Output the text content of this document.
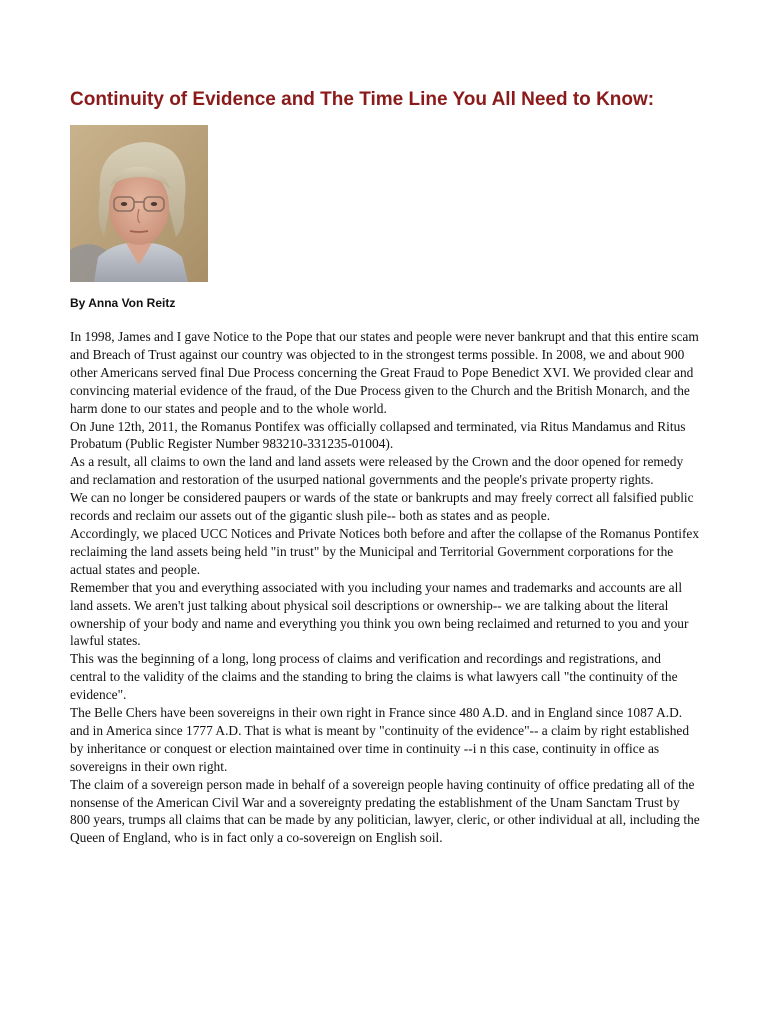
Continuity of Evidence and The Time Line You All Need to Know:
By Anna Von Reitz

In 1998, James and I gave Notice to the Pope that our states and people were never bankrupt and that this entire scam and Breach of Trust against our country was objected to in the strongest terms possible. In 2008, we and about 900 other Americans served final Due Process concerning the Great Fraud to Pope Benedict XVI. We provided clear and convincing material evidence of the fraud, of the Due Process given to the Church and the British Monarch, and the harm done to our states and people and to the whole world.

On June 12th, 2011, the Romanus Pontifex was officially collapsed and terminated, via Ritus Mandamus and Ritus Probatum (Public Register Number 983210-331235-01004).

As a result, all claims to own the land and land assets were released by the Crown and the door opened for remedy and reclamation and restoration of the usurped national governments and the people's private property rights.

We can no longer be considered paupers or wards of the state or bankrupts and may freely correct all falsified public records and reclaim our assets out of the gigantic slush pile-- both as states and as people.

Accordingly, we placed UCC Notices and Private Notices both before and after the collapse of the Romanus Pontifex reclaiming the land assets being held "in trust" by the Municipal and Territorial Government corporations for the actual states and people.

Remember that you and everything associated with you including your names and trademarks and accounts are all land assets. We aren't just talking about physical soil descriptions or ownership-- we are talking about the literal ownership of your body and name and everything you think you own being reclaimed and returned to you and your lawful states.

This was the beginning of a long, long process of claims and verification and recordings and registrations, and central to the validity of the claims and the standing to bring the claims is what lawyers call "the continuity of the evidence".

The Belle Chers have been sovereigns in their own right in France since 480 A.D. and in England since 1087 A.D. and in America since 1777 A.D. That is what is meant by "continuity of the evidence"-- a claim by right established by inheritance or conquest or election maintained over time in continuity --i n this case, continuity in office as sovereigns in their own right.

The claim of a sovereign person made in behalf of a sovereign people having continuity of office predating all of the nonsense of the American Civil War and a sovereignty predating the establishment of the Unam Sanctam Trust by 800 years, trumps all claims that can be made by any politician, lawyer, cleric, or other individual at all, including the Queen of England, who is in fact only a co-sovereign on English soil.
